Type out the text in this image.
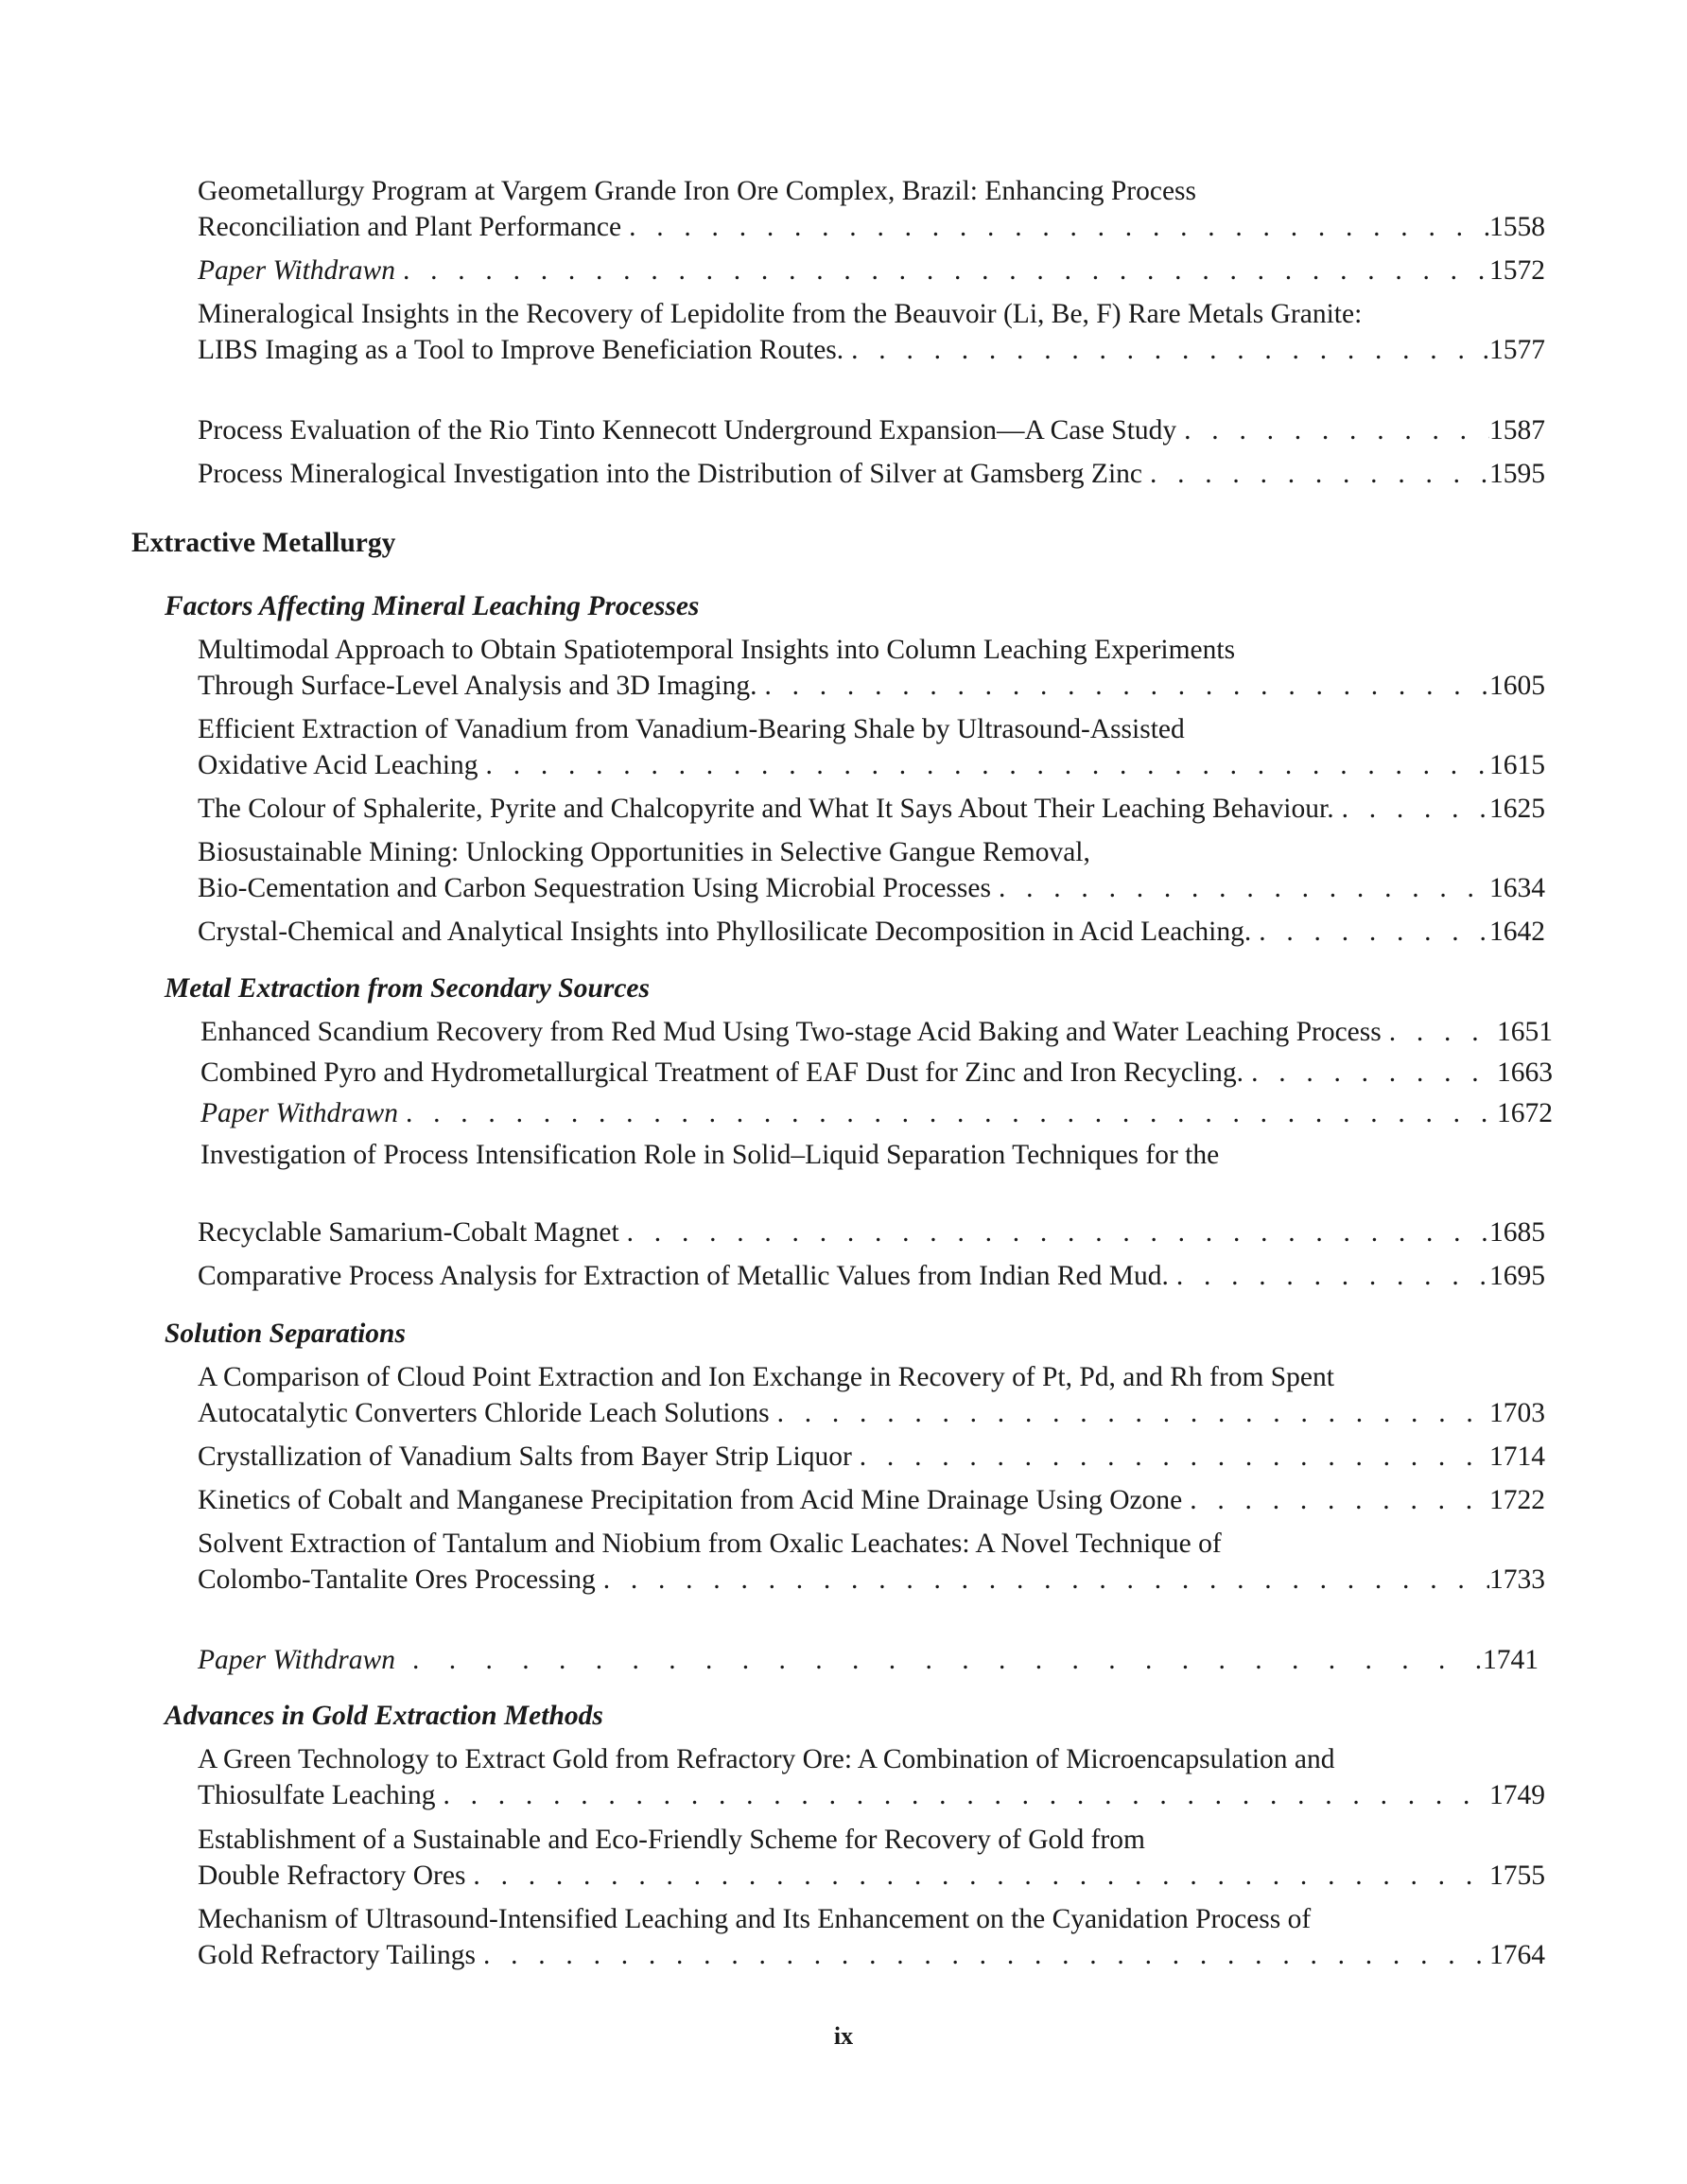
Geometallurgy Program at Vargem Grande Iron Ore Complex, Brazil: Enhancing Process
Reconciliation and Plant Performance . . .	1558
Paper Withdrawn . . .	1572
Mineralogical Insights in the Recovery of Lepidolite from the Beauvoir (Li, Be, F) Rare Metals Granite:
LIBS Imaging as a Tool to Improve Beneficiation Routes. . . .	.1577
Process Evaluation of the Rio Tinto Kennecott Underground Expansion—A Case Study . . .	1587
Process Mineralogical Investigation into the Distribution of Silver at Gamsberg Zinc . . .	1595
Extractive Metallurgy
Factors Affecting Mineral Leaching Processes
Multimodal Approach to Obtain Spatiotemporal Insights into Column Leaching Experiments
Through Surface-Level Analysis and 3D Imaging. . . .	1605
Efficient Extraction of Vanadium from Vanadium-Bearing Shale by Ultrasound-Assisted
Oxidative Acid Leaching . . .	1615
The Colour of Sphalerite, Pyrite and Chalcopyrite and What It Says About Their Leaching Behaviour. . . .	1625
Biosustainable Mining: Unlocking Opportunities in Selective Gangue Removal,
Bio-Cementation and Carbon Sequestration Using Microbial Processes . . .	1634
Crystal-Chemical and Analytical Insights into Phyllosilicate Decomposition in Acid Leaching. . . .	1642
Metal Extraction from Secondary Sources
Enhanced Scandium Recovery from Red Mud Using Two-stage Acid Baking and Water Leaching Process . . .	1651
Combined Pyro and Hydrometallurgical Treatment of EAF Dust for Zinc and Iron Recycling. . . .	1663
Paper Withdrawn . . .	1672
Investigation of Process Intensification Role in Solid–Liquid Separation Techniques for the
Recyclable Samarium-Cobalt Magnet . . .	1685
Comparative Process Analysis for Extraction of Metallic Values from Indian Red Mud. . . .	1695
Solution Separations
A Comparison of Cloud Point Extraction and Ion Exchange in Recovery of Pt, Pd, and Rh from Spent
Autocatalytic Converters Chloride Leach Solutions . . .	1703
Crystallization of Vanadium Salts from Bayer Strip Liquor . . .	1714
Kinetics of Cobalt and Manganese Precipitation from Acid Mine Drainage Using Ozone . . .	1722
Solvent Extraction of Tantalum and Niobium from Oxalic Leachates: A Novel Technique of
Colombo-Tantalite Ores Processing . . .	1733
Paper Withdrawn . . .	1741
Advances in Gold Extraction Methods
A Green Technology to Extract Gold from Refractory Ore: A Combination of Microencapsulation and
Thiosulfate Leaching . . .	1749
Establishment of a Sustainable and Eco-Friendly Scheme for Recovery of Gold from
Double Refractory Ores . . .	1755
Mechanism of Ultrasound-Intensified Leaching and Its Enhancement on the Cyanidation Process of
Gold Refractory Tailings . . .	1764
ix
